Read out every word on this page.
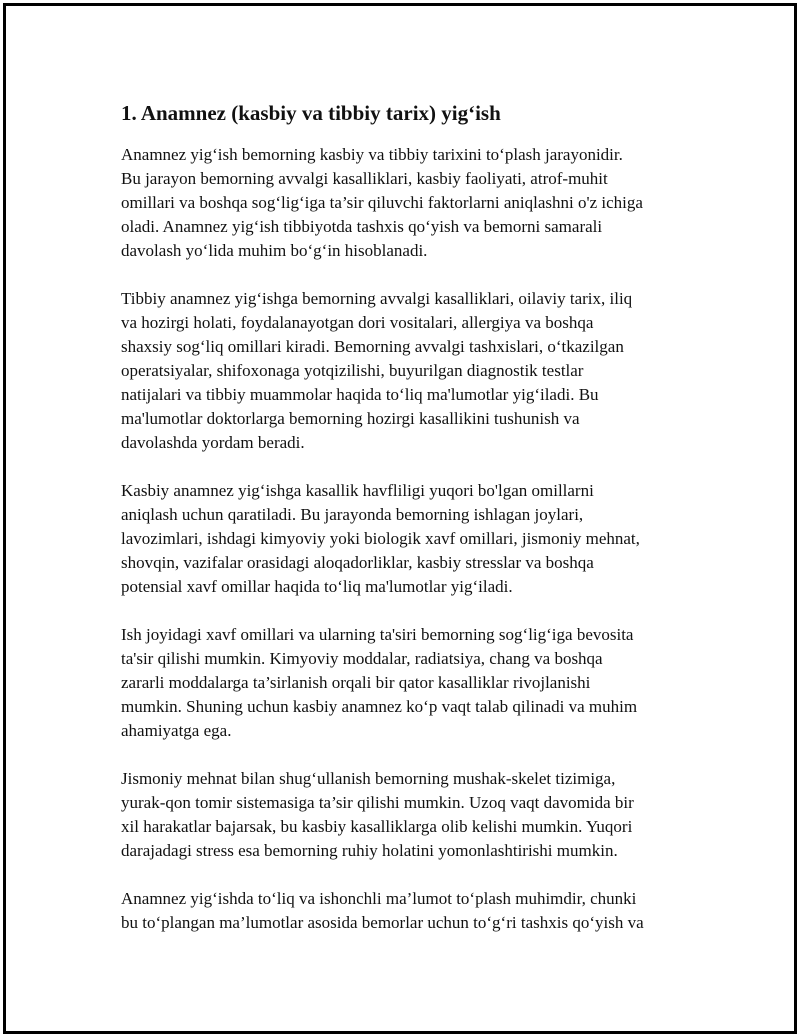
1. Anamnez (kasbiy va tibbiy tarix) yig‘ish

Anamnez yig‘ish bemorning kasbiy va tibbiy tarixini to‘plash jarayonidir.
Bu jarayon bemorning avvalgi kasalliklari, kasbiy faoliyati, atrof-muhit
omillari va boshqa sog‘lig‘iga ta’sir qiluvchi faktorlarni aniqlashni o'z ichiga
oladi. Anamnez yig‘ish tibbiyotda tashxis qo‘yish va bemorni samarali
davolash yo‘lida muhim bo‘g‘in hisoblanadi.

Tibbiy anamnez yig‘ishga bemorning avvalgi kasalliklari, oilaviy tarix, iliq
va hozirgi holati, foydalanayotgan dori vositalari, allergiya va boshqa
shaxsiy sog‘liq omillari kiradi. Bemorning avvalgi tashxislari, o‘tkazilgan
operatsiyalar, shifoxonaga yotqizilishi, buyurilgan diagnostik testlar
natijalari va tibbiy muammolar haqida to‘liq ma'lumotlar yig‘iladi. Bu
ma'lumotlar doktorlarga bemorning hozirgi kasallikini tushunish va
davolashda yordam beradi.

Kasbiy anamnez yig‘ishga kasallik havfliligi yuqori bo'lgan omillarni
aniqlash uchun qaratiladi. Bu jarayonda bemorning ishlagan joylari,
lavozimlari, ishdagi kimyoviy yoki biologik xavf omillari, jismoniy mehnat,
shovqin, vazifalar orasidagi aloqadorliklar, kasbiy stresslar va boshqa
potensial xavf omillar haqida to‘liq ma'lumotlar yig‘iladi.

Ish joyidagi xavf omillari va ularning ta'siri bemorning sog‘lig‘iga bevosita
ta'sir qilishi mumkin. Kimyoviy moddalar, radiatsiya, chang va boshqa
zararli moddalarga ta’sirlanish orqali bir qator kasalliklar rivojlanishi
mumkin. Shuning uchun kasbiy anamnez ko‘p vaqt talab qilinadi va muhim
ahamiyatga ega.

Jismoniy mehnat bilan shug‘ullanish bemorning mushak-skelet tizimiga,
yurak-qon tomir sistemasiga ta’sir qilishi mumkin. Uzoq vaqt davomida bir
xil harakatlar bajarsak, bu kasbiy kasalliklarga olib kelishi mumkin. Yuqori
darajadagi stress esa bemorning ruhiy holatini yomonlashtirishi mumkin.

Anamnez yig‘ishda to‘liq va ishonchli ma’lumot to‘plash muhimdir, chunki
bu to‘plangan ma’lumotlar asosida bemorlar uchun to‘g‘ri tashxis qo‘yish va
